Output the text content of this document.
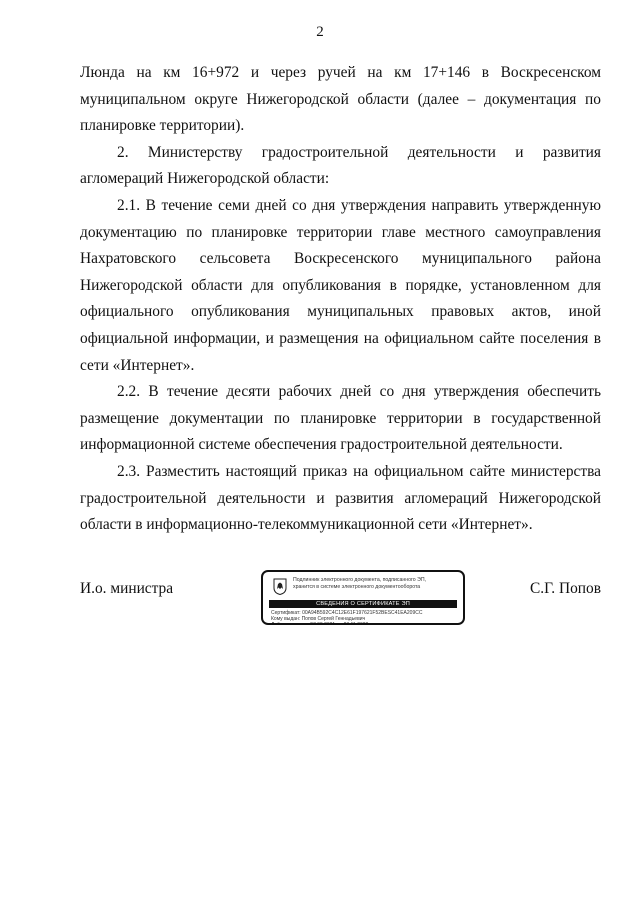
2

Люнда на км 16+972 и через ручей на км 17+146 в Воскресенском муниципальном округе Нижегородской области (далее – документация по планировке территории).

2. Министерству градостроительной деятельности и развития агломераций Нижегородской области:

2.1. В течение семи дней со дня утверждения направить утвержденную документацию по планировке территории главе местного самоуправления Нахратовского сельсовета Воскресенского муниципального района Нижегородской области для опубликования в порядке, установленном для официального опубликования муниципальных правовых актов, иной официальной информации, и размещения на официальном сайте поселения в сети «Интернет».

2.2. В течение десяти рабочих дней со дня утверждения обеспечить размещение документации по планировке территории в государственной информационной системе обеспечения градостроительной деятельности.

2.3. Разместить настоящий приказ на официальном сайте министерства градостроительной деятельности и развития агломераций Нижегородской области в информационно-телекоммуникационной сети «Интернет».

И.о. министра	Подлинник электронного документа, подписанного ЭП,
хранится в системе электронного документооборота
СВЕДЕНИЯ О СЕРТИФИКАТЕ ЭП
Сертификат: 00A94B592C4C12E61F197621F52BESC41EA209CC
Кому выдан: Попов Сергей Геннадьевич
Действителен: с 27.08.2021 до 23.11.2022
С.Г. Попов
